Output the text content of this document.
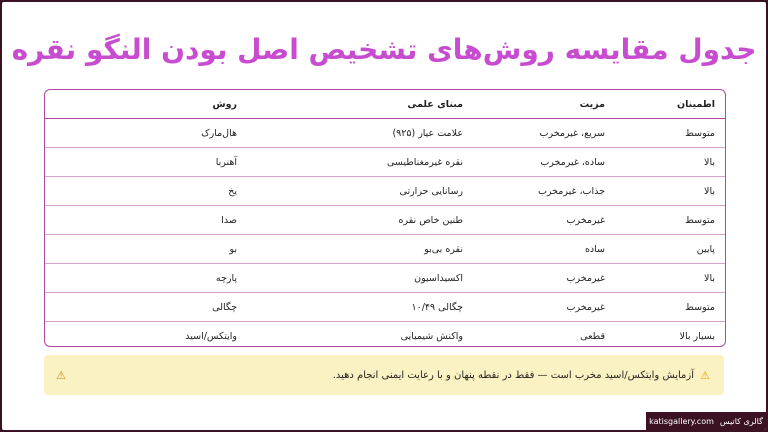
جدول مقایسه روش‌های تشخیص اصل بودن النگو نقره
اطمینان	مزیت	مبنای علمی	روش
متوسط	سریع، غیرمخرب	علامت عیار (۹۲۵)	هال‌مارک
بالا	ساده، غیرمخرب	نقره غیرمغناطیسی	آهنربا
بالا	جذاب، غیرمخرب	رسانایی حرارتی	یخ
متوسط	غیرمخرب	طنین خاص نقره	صدا
پایین	ساده	نقره بی‌بو	بو
بالا	غیرمخرب	اکسیداسیون	پارچه
متوسط	غیرمخرب	چگالی ۱۰/۴۹	چگالی
بسیار بالا	قطعی	واکنش شیمیایی	وایتکس/اسید
⚠
آزمایش وایتکس/اسید مخرب است — فقط در نقطه پنهان و با رعایت ایمنی انجام دهید.
⚠
گالری کاتیس
katisgallery.com
